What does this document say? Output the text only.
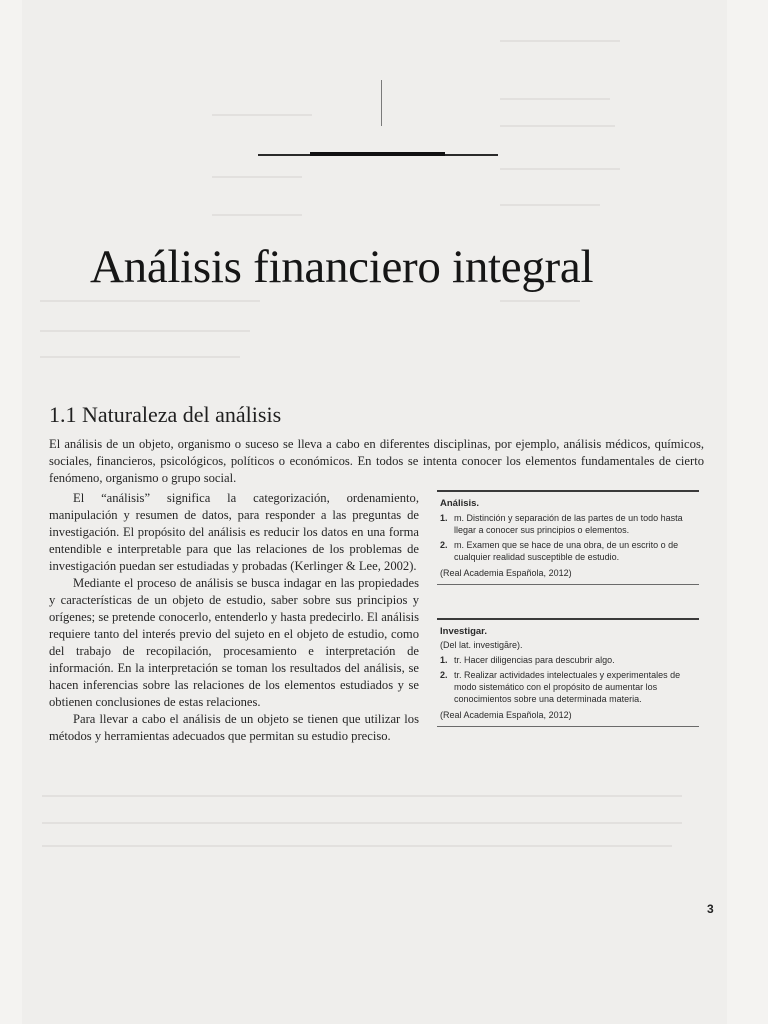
Análisis financiero integral
1.1 Naturaleza del análisis

El análisis de un objeto, organismo o suceso se lleva a cabo en diferentes disciplinas, por ejemplo, análisis médicos, químicos, sociales, financieros, psicológicos, políticos o económicos. En todos se intenta conocer los elementos fundamentales de cierto fenómeno, organismo o grupo social.

El “análisis” significa la categorización, ordenamiento, manipulación y resumen de datos, para responder a las preguntas de investigación. El propósito del análisis es reducir los datos en una forma entendible e interpretable para que las relaciones de los problemas de investigación puedan ser estudiadas y probadas (Kerlinger & Lee, 2002).

Mediante el proceso de análisis se busca indagar en las propiedades y características de un objeto de estudio, saber sobre sus principios y orígenes; se pretende conocerlo, entenderlo y hasta predecirlo. El análisis requiere tanto del interés previo del sujeto en el objeto de estudio, como del trabajo de recopilación, procesamiento e interpretación de información. En la interpretación se toman los resultados del análisis, se hacen inferencias sobre las relaciones de los elementos estudiados y se obtienen conclusiones de estas relaciones.

Para llevar a cabo el análisis de un objeto se tienen que utilizar los métodos y herramientas adecuados que permitan su estudio preciso.

Análisis.
1. m. Distinción y separación de las partes de un todo hasta llegar a conocer sus principios o elementos.
2. m. Examen que se hace de una obra, de un escrito o de cualquier realidad susceptible de estudio.
(Real Academia Española, 2012)
Investigar.
(Del lat. investigāre).
1. tr. Hacer diligencias para descubrir algo.
2. tr. Realizar actividades intelectuales y experimentales de modo sistemático con el propósito de aumentar los conocimientos sobre una determinada materia.
(Real Academia Española, 2012)

3
